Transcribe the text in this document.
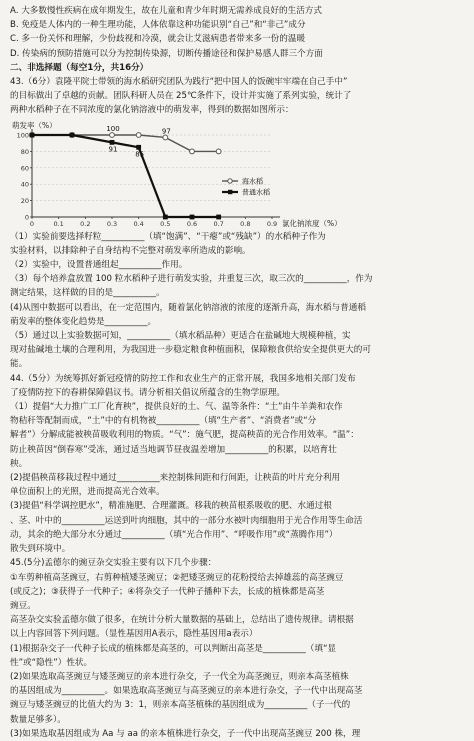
A. 大多数慢性疾病在成年期发生，故在儿童和青少年时期无需养成良好的生活方式
B. 免疫是人体内的一种生理功能，人体依靠这种功能识别“自己”和“非己”成分
C. 多一份关怀和理解，少份歧视和冷漠，就会让艾滋病患者带来多一份的温暖
D. 传染病的预防措施可以分为控制传染源，切断传播途径和保护易感人群三个方面
二、非选择题（每空1分，共16分）
43.（6分）袁隆平院士带领的海水稻研究团队为践行“把中国人的饭碗牢牢端在自己手中”
的目标做出了卓越的贡献。团队科研人员在 25℃条件下，设计并实施了系列实验，统计了
两种水稻种子在不同浓度的氯化钠溶液中的萌发率，得到的数据如图所示：
萌发率（%）
100
80
60
40
20
0
0	0.1	0.2	0.3	0.4	0.5	0.6	0.7	0.8	0.9 氯化钠浓度（%）
100	97
91
85
海水稻
普通水稻
（1）实验前要选择籽粒__________（填“饱满”、“干瘪”或“残缺”）的水稻种子作为
实验材料，以排除种子自身结构不完整对萌发率所造成的影响。
（2）实验中，设置普通组起__________作用。
（3）每个培养盒放置 100 粒水稻种子进行萌发实验，并重复三次，取三次的__________，作为
测定结果，这样做的目的是__________。
(4)从图中数据可以看出，在一定范围内，随着氯化钠溶液的浓度的逐渐升高，海水稻与普通稻
萌发率的整体变化趋势是__________。
（5）通过以上实验数据可知，__________（填水稻品种）更适合在盐碱地大规模种植，实
现对盐碱地土壤的合理利用，为我国进一步稳定粮食种植面积，保障粮食供给安全提供更大的可
能。
44.（5分）为统筹抓好新冠疫情的防控工作和农业生产的正常开展，我国多地相关部门发布
了疫情防控下的春耕保障倡议书。请分析相关倡议所蕴含的生物学原理。
（1）提倡“大力推广工厂化育秧”，提供良好的土、气、温等条件：“土”由牛羊粪和农作
物秸秆等配制而成，“土”中的有机物被__________（填“生产者”、“消费者”或“分
解者”）分解成能被秧苗吸收利用的物质。“气”：施气肥，提高秧苗的光合作用效率。“温”：
防止秧苗因“倒春寒”受冻，通过适当地调节昼夜温差增加__________的积累，以培育壮
秧。
(2)提倡秧苗移栽过程中通过__________来控制株间距和行间距，让秧苗的叶片充分利用
单位面积上的光照，进而提高光合效率。
(3)提倡“科学调控肥水”，精准施肥、合理灌溉。移栽的秧苗根系吸收的肥、水通过根
、茎、叶中的__________运送到叶肉细胞，其中的一部分水被叶肉细胞用于光合作用等生命活
动，其余的绝大部分水分通过__________（填“光合作用”、“呼吸作用”或“蒸腾作用”）
散失到环境中。
45.(5分)孟德尔的豌豆杂交实验主要有以下几个步骤：
①车剪种植高茎豌豆，右剪种植矮茎豌豆；②把矮茎豌豆的花粉授给去掉雄蕊的高茎豌豆
(或反之)；③获得子一代种子；④将杂交子一代种子播种下去，长成的植株都是高茎
豌豆。
高茎杂交实验孟德尔做了很多，在统计分析大量数据的基础上，总结出了遗传规律。请根据
以上内容回答下列问题。（显性基因用A表示，隐性基因用a表示）
(1)根据杂交子一代种子长成的植株都是高茎的，可以判断出高茎是__________（填“显
性”或“隐性”）性状。
(2)如果选取高茎豌豆与矮茎豌豆的亲本进行杂交，子一代全为高茎豌豆，则亲本高茎植株
的基因组成为__________。如果选取高茎豌豆与高茎豌豆的亲本进行杂交，子一代中出现高茎
豌豆与矮茎豌豆的比值大约为 3：1，则亲本高茎植株的基因组成为__________（子一代的
数量足够多）。
(3)如果选取基因组成为 Aa 与 aa 的亲本植株进行杂交，子一代中出现高茎豌豆 200 株，理
